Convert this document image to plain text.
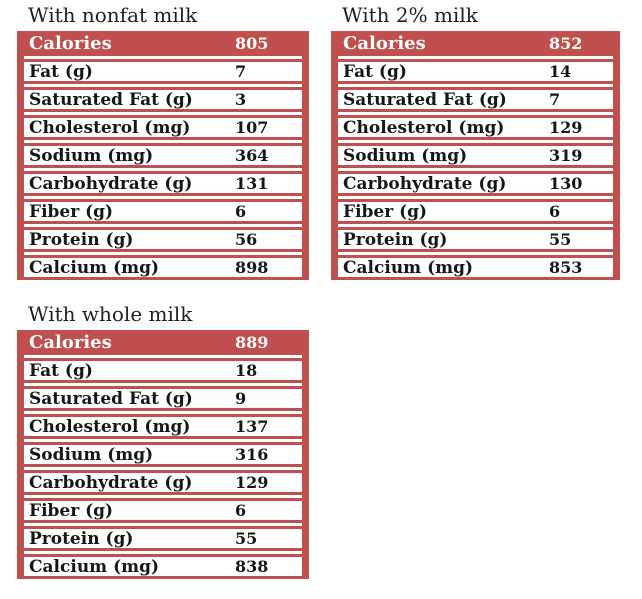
With nonfat milk
Calories	805
Fat (g)	7
Saturated Fat (g)	3
Cholesterol (mg)	107
Sodium (mg)	364
Carbohydrate (g)	131
Fiber (g)	6
Protein (g)	56
Calcium (mg)	898
With 2% milk
Calories	852
Fat (g)	14
Saturated Fat (g)	7
Cholesterol (mg)	129
Sodium (mg)	319
Carbohydrate (g)	130
Fiber (g)	6
Protein (g)	55
Calcium (mg)	853
With whole milk
Calories	889
Fat (g)	18
Saturated Fat (g)	9
Cholesterol (mg)	137
Sodium (mg)	316
Carbohydrate (g)	129
Fiber (g)	6
Protein (g)	55
Calcium (mg)	838
